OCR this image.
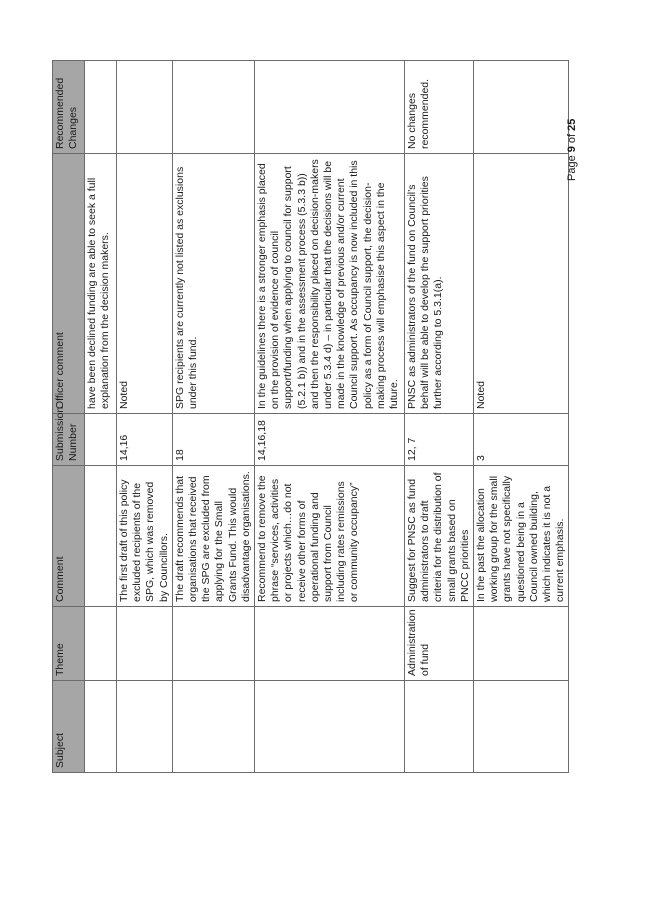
Subject	Theme	Comment	Submission Number	Officer comment	Recommended Changes
				have been declined funding are able to seek a full explanation from the decision makers.	
		The first draft of this policy excluded recipients of the SPG, which was removed by Councillors.	14,16	Noted	
		The draft recommends that organisations that received the SPG are excluded from applying for the Small Grants Fund. This would disadvantage organisations.	18	SPG recipients are currently not listed as exclusions under this fund.	
		Recommend to remove the phrase “services, activities or projects which…do not receive other forms of operational funding and support from Council including rates remissions or community occupancy”	14,16,18	In the guidelines there is a stronger emphasis placed on the provision of evidence of council support/funding when applying to council for support (5.2.1 b)) and in the assessment process (5.3.3 b)) and then the responsibility placed on decision-makers under 5.3.4 d) – in particular that the decisions will be made in the knowledge of previous and/or current Council support. As occupancy is now included in this policy as a form of Council support, the decision-making process will emphasise this aspect in the future.	
	Administration of fund	Suggest for PNSC as fund administrators to draft criteria for the distribution of small grants based on PNCC priorities	12, 7	PNSC as administrators of the fund on Council’s behalf will be able to develop the support priorities further according to 5.3.1(a).	No changes recommended.
		In the past the allocation working group for the small grants have not specifically questioned being in a Council owned building, which indicates it is not a current emphasis.	3	Noted	
Page 9 of 25
